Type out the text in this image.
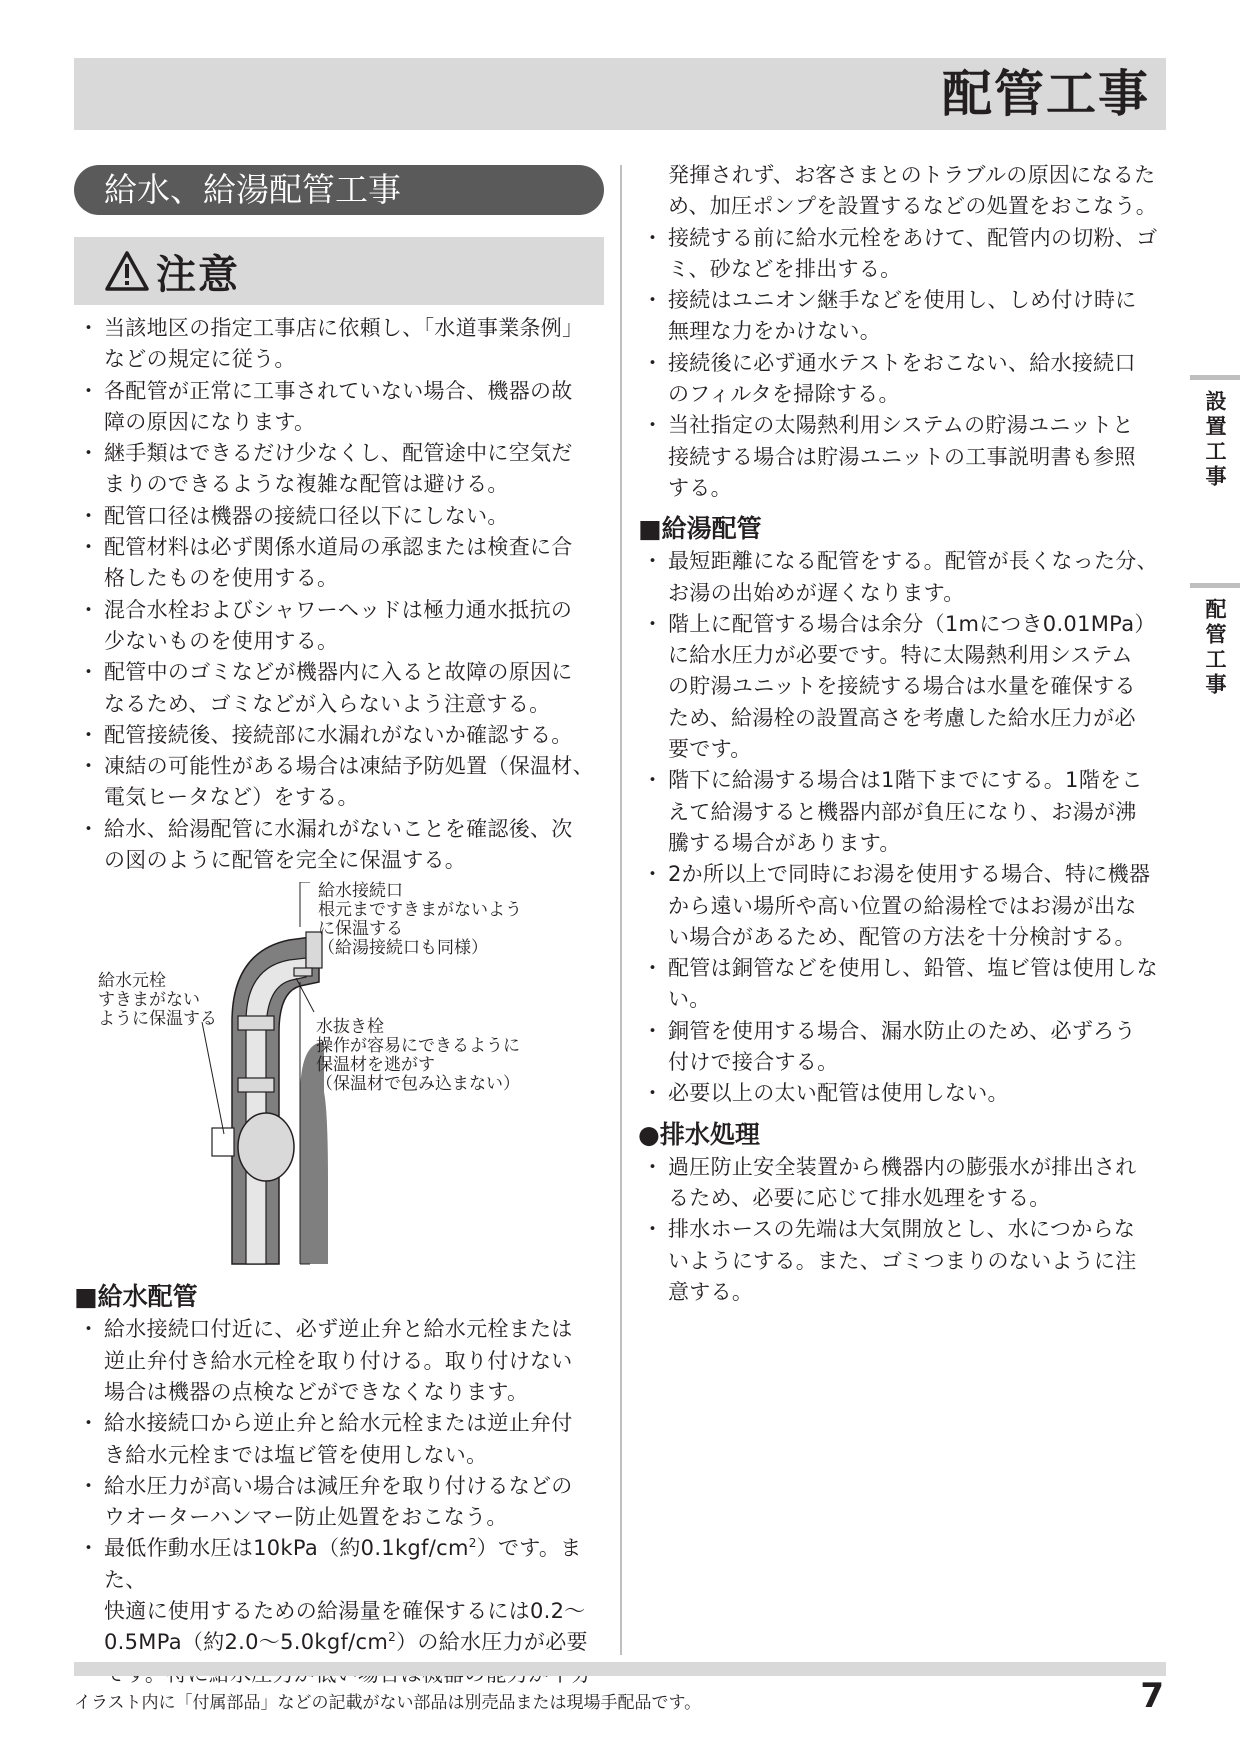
配管工事
給水、給湯配管工事
注意
・ 当該地区の指定工事店に依頼し、「水道事業条例」
などの規定に従う。
・ 各配管が正常に工事されていない場合、機器の故
障の原因になります。
・ 継手類はできるだけ少なくし、配管途中に空気だ
まりのできるような複雑な配管は避ける。
・ 配管口径は機器の接続口径以下にしない。
・ 配管材料は必ず関係水道局の承認または検査に合
格したものを使用する。
・ 混合水栓およびシャワーヘッドは極力通水抵抗の
少ないものを使用する。
・ 配管中のゴミなどが機器内に入ると故障の原因に
なるため、ゴミなどが入らないよう注意する。
・ 配管接続後、接続部に水漏れがないか確認する。
・ 凍結の可能性がある場合は凍結予防処置（保温材、
電気ヒータなど）をする。
・ 給水、給湯配管に水漏れがないことを確認後、次
の図のように配管を完全に保温する。
給水接続口
根元まですきまがないよう
に保温する
（給湯接続口も同様）
給水元栓
すきまがない
ように保温する	水抜き栓
操作が容易にできるように
保温材を逃がす
（保温材で包み込まない）
■給水配管
・ 給水接続口付近に、必ず逆止弁と給水元栓または
逆止弁付き給水元栓を取り付ける。取り付けない
場合は機器の点検などができなくなります。
・ 給水接続口から逆止弁と給水元栓または逆止弁付
き給水元栓までは塩ビ管を使用しない。
・ 給水圧力が高い場合は減圧弁を取り付けるなどの
ウオーターハンマー防止処置をおこなう。
・ 最低作動水圧は10kPa（約$0.1kgf/cm^2$）です。また、
快適に使用するための給湯量を確保するには0.2～
0.5MPa（約$2.0\sim 5.0kgf/cm^2$）の給水圧力が必要
発揮されず、お客さまとのトラブルの原因になるた
め、加圧ポンプを設置するなどの処置をおこなう。
・ 接続する前に給水元栓をあけて、配管内の切粉、ゴ
ミ、砂などを排出する。
・ 接続はユニオン継手などを使用し、しめ付け時に
無理な力をかけない。
・ 接続後に必ず通水テストをおこない、給水接続口
のフィルタを掃除する。
・ 当社指定の太陽熱利用システムの貯湯ユニットと
接続する場合は貯湯ユニットの工事説明書も参照
する。
■給湯配管
・ 最短距離になる配管をする。配管が長くなった分、
お湯の出始めが遅くなります。
・ 階上に配管する場合は余分（1mにつき0.01MPa）
に給水圧力が必要です。特に太陽熱利用システム
の貯湯ユニットを接続する場合は水量を確保する
ため、給湯栓の設置高さを考慮した給水圧力が必
要です。
・ 階下に給湯する場合は1階下までにする。1階をこ
えて給湯すると機器内部が負圧になり、お湯が沸
騰する場合があります。
・ 2か所以上で同時にお湯を使用する場合、特に機器
から遠い場所や高い位置の給湯栓ではお湯が出な
い場合があるため、配管の方法を十分検討する。
・ 配管は銅管などを使用し、鉛管、塩ビ管は使用しない。
・ 銅管を使用する場合、漏水防止のため、必ずろう
付けで接合する。
・ 必要以上の太い配管は使用しない。
●排水処理
・ 過圧防止安全装置から機器内の膨張水が排出され
るため、必要に応じて排水処理をする。
・ 排水ホースの先端は大気開放とし、水につからな
いようにする。また、ゴミつまりのないように注
意する。
設置工事
配管工事
イラスト内に「付属部品」などの記載がない部品は別売品または現場手配品です。	7
